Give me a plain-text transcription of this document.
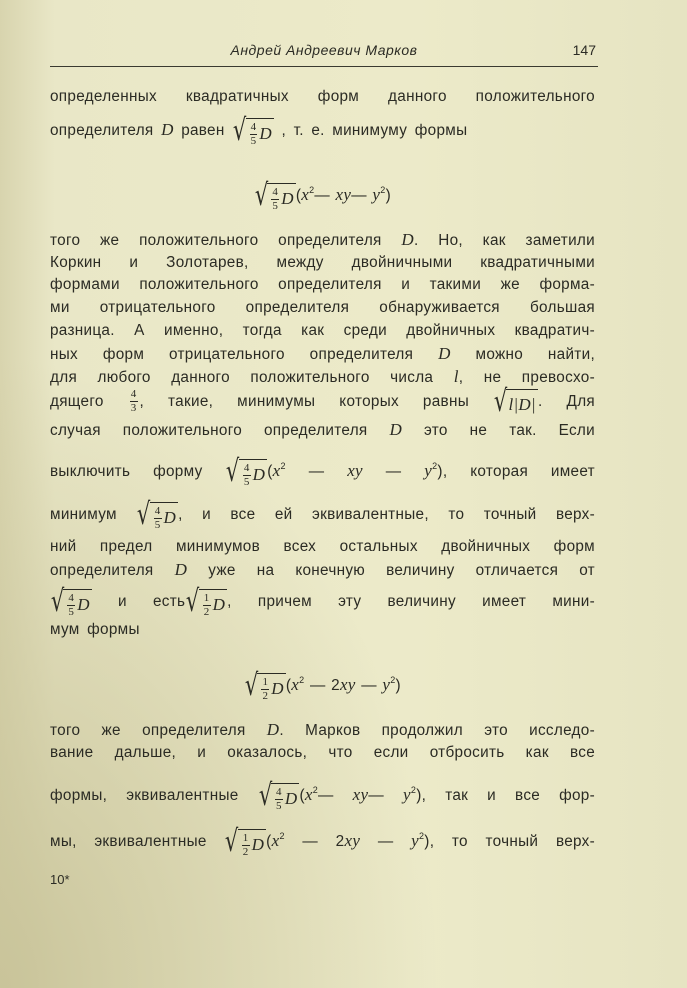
Андрей Андреевич Марков	147
определенных квадратичных форм данного положительного
определителя D равен √ $\frac{4}{5}$ D , т. е. минимуму формы
√ $\frac{4}{5}$ D ($x^2—$ xy— $y^2$)
того же положительного определителя D. Но, как заметили
Коркин и Золотарев, между двойничными квадратичными
формами положительного определителя и такими же форма-
ми отрицательного определителя обнаруживается большая
разница. А именно, тогда как среди двойничных квадратич-
ных форм отрицательного определителя D можно найти,
для любого данного положительного числа l, не превосхо-
дящего $\frac{4}{3}$ , такие, минимумы которых равны √ l|D| . Для
случая положительного определителя D это не так. Если
выключить форму √ $\frac{4}{5}$ D ($x^2$ — xy — $y^2$), которая имеет
минимум √ $\frac{4}{5}$ D , и все ей эквивалентные, то точный верх-
ний предел минимумов всех остальных двойничных форм
определителя D уже на конечную величину отличается от
√ $\frac{4}{5}$ D и есть √ $\frac{1}{2}$ D , причем эту величину имеет мини-
мум формы
√ $\frac{1}{2}$ D ($x^2$ — 2xy — $y^2$)
того же определителя D. Марков продолжил это исследо-
вание дальше, и оказалось, что если отбросить как все
формы, эквивалентные √ $\frac{4}{5}$ D ($x^2—$ xy— $y^2$), так и все фор-
мы, эквивалентные √ $\frac{1}{2}$ D ($x^2$ — 2xy — $y^2$), то точный верх-
10*
